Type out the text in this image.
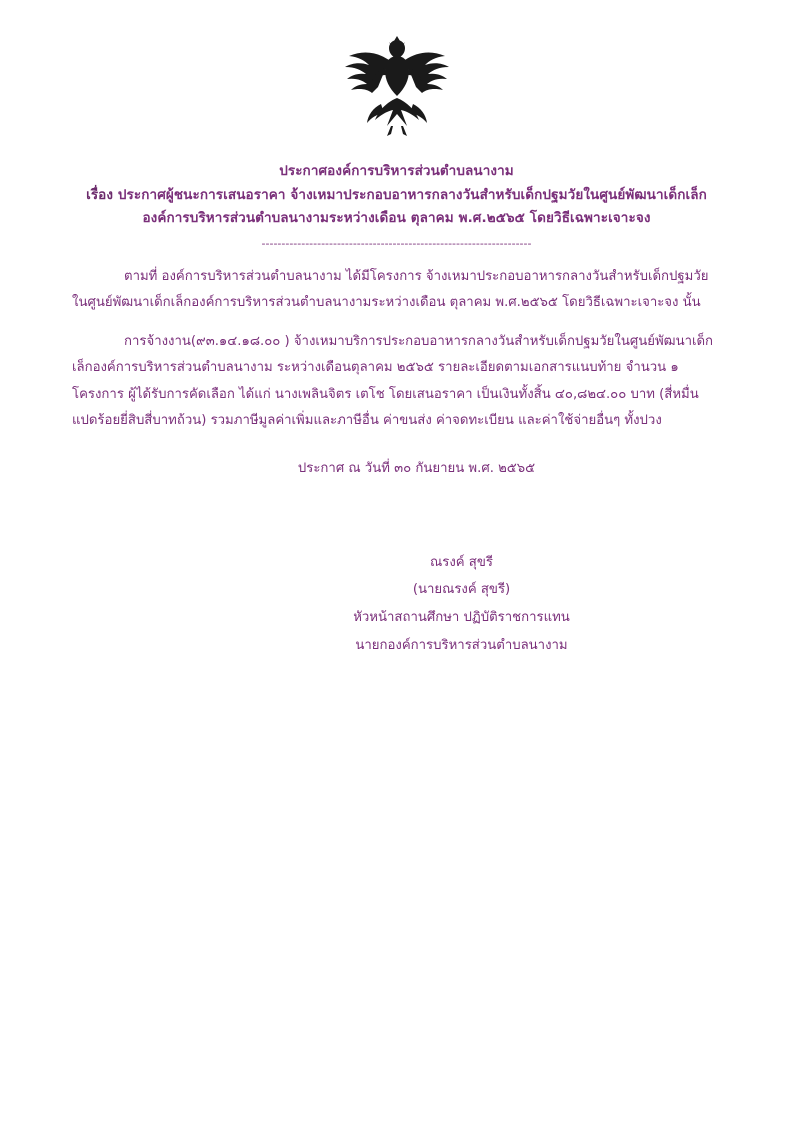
ประกาศองค์การบริหารส่วนตำบลนางาม
เรื่อง ประกาศผู้ชนะการเสนอราคา จ้างเหมาประกอบอาหารกลางวันสำหรับเด็กปฐมวัยในศูนย์พัฒนาเด็กเล็ก
องค์การบริหารส่วนตำบลนางามระหว่างเดือน ตุลาคม พ.ศ.๒๕๖๕ โดยวิธีเฉพาะเจาะจง
--------------------------------------------------------------------

ตามที่ องค์การบริหารส่วนตำบลนางาม ได้มีโครงการ จ้างเหมาประกอบอาหารกลางวันสำหรับเด็กปฐมวัยในศูนย์พัฒนาเด็กเล็กองค์การบริหารส่วนตำบลนางามระหว่างเดือน ตุลาคม พ.ศ.๒๕๖๕ โดยวิธีเฉพาะเจาะจง นั้น

การจ้างงาน(๙๓.๑๔.๑๘.๐๐ ) จ้างเหมาบริการประกอบอาหารกลางวันสำหรับเด็กปฐมวัยในศูนย์พัฒนาเด็กเล็กองค์การบริหารส่วนตำบลนางาม ระหว่างเดือนตุลาคม ๒๕๖๕ รายละเอียดตามเอกสารแนบท้าย จำนวน ๑ โครงการ ผู้ได้รับการคัดเลือก ได้แก่ นางเพลินจิตร เตโช โดยเสนอราคา เป็นเงินทั้งสิ้น ๔๐,๘๒๔.๐๐ บาท (สี่หมื่นแปดร้อยยี่สิบสี่บาทถ้วน) รวมภาษีมูลค่าเพิ่มและภาษีอื่น ค่าขนส่ง ค่าจดทะเบียน และค่าใช้จ่ายอื่นๆ ทั้งปวง

ประกาศ ณ วันที่ ๓๐ กันยายน พ.ศ. ๒๕๖๕
ณรงค์ สุขรี
(นายณรงค์ สุขรี)
หัวหน้าสถานศึกษา ปฏิบัติราชการแทน
นายกองค์การบริหารส่วนตำบลนางาม
